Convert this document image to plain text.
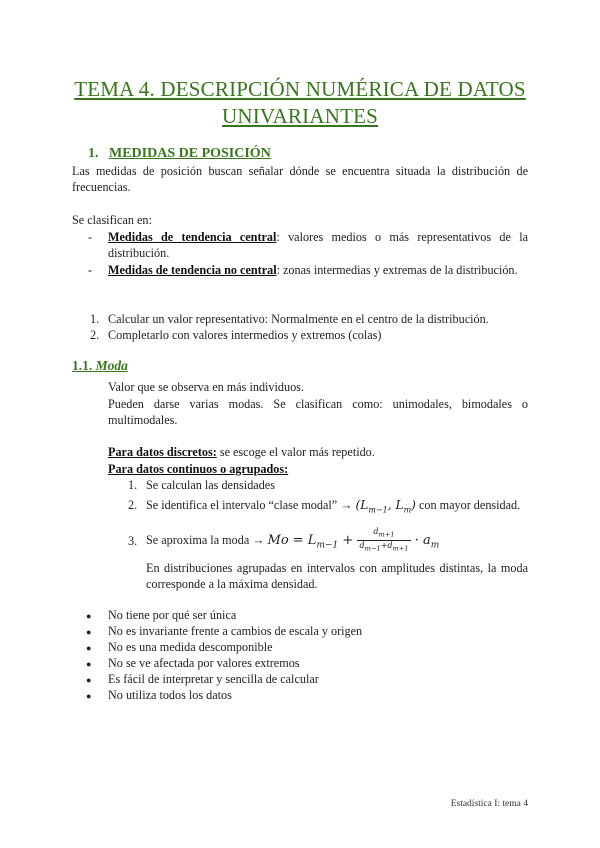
TEMA 4. DESCRIPCIÓN NUMÉRICA DE DATOS
UNIVARIANTES
1. MEDIDAS DE POSICIÓN
Las medidas de posición buscan señalar dónde se encuentra situada la distribución de frecuencias.
Se clasifican en:
- Medidas de tendencia central: valores medios o más representativos de la distribución.
- Medidas de tendencia no central: zonas intermedias y extremas de la distribución.
1. Calcular un valor representativo: Normalmente en el centro de la distribución.
2. Completarlo con valores intermedios y extremos (colas)
1.1. Moda
Valor que se observa en más individuos.
Pueden darse varias modas. Se clasifican como: unimodales, bimodales o multimodales.
Para datos discretos: se escoge el valor más repetido.
Para datos continuos o agrupados:
1. Se calculan las densidades
2. Se identifica el intervalo “clase modal” → ($L_{m-1}$, $L_m$) con mayor densidad.
3. Se aproxima la moda → $Mo = L_{m-1} + \frac{d_{m+1}}{d_{m-1}+d_{m+1}} \cdot a_m$
En distribuciones agrupadas en intervalos con amplitudes distintas, la moda corresponde a la máxima densidad.
● No tiene por qué ser única
● No es invariante frente a cambios de escala y origen
● No es una medida descomponible
● No se ve afectada por valores extremos
● Es fácil de interpretar y sencilla de calcular
● No utiliza todos los datos
Estadística I: tema 4
